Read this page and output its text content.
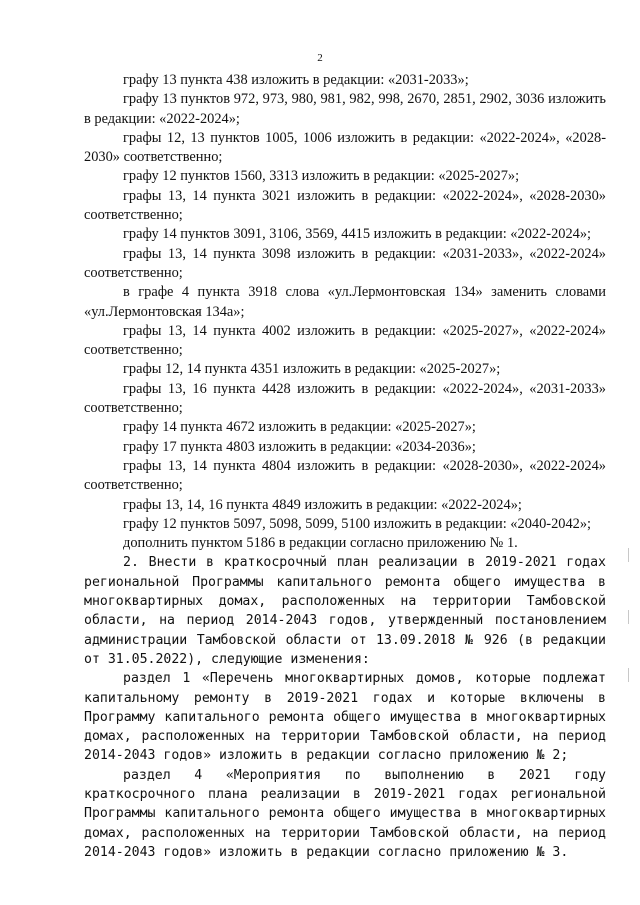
2

графу 13 пункта 438 изложить в редакции: «2031-2033»;

графу 13 пунктов 972, 973, 980, 981, 982, 998, 2670, 2851, 2902, 3036 изложить в редакции: «2022-2024»;

графы 12, 13 пунктов 1005, 1006 изложить в редакции: «2022-2024», «2028-2030» соответственно;

графу 12 пунктов 1560, 3313 изложить в редакции: «2025-2027»;

графы 13, 14 пункта 3021 изложить в редакции: «2022-2024», «2028-2030» соответственно;

графу 14 пунктов 3091, 3106, 3569, 4415 изложить в редакции: «2022-2024»;

графы 13, 14 пункта 3098 изложить в редакции: «2031-2033», «2022-2024» соответственно;

в графе 4 пункта 3918 слова «ул.Лермонтовская 134» заменить словами «ул.Лермонтовская 134а»;

графы 13, 14 пункта 4002 изложить в редакции: «2025-2027», «2022-2024» соответственно;

графы 12, 14 пункта 4351 изложить в редакции: «2025-2027»;

графы 13, 16 пункта 4428 изложить в редакции: «2022-2024», «2031-2033» соответственно;

графу 14 пункта 4672 изложить в редакции: «2025-2027»;

графу 17 пункта 4803 изложить в редакции: «2034-2036»;

графы 13, 14 пункта 4804 изложить в редакции: «2028-2030», «2022-2024» соответственно;

графы 13, 14, 16 пункта 4849 изложить в редакции: «2022-2024»;

графу 12 пунктов 5097, 5098, 5099, 5100 изложить в редакции: «2040-2042»;

дополнить пунктом 5186 в редакции согласно приложению № 1.

2. Внести в краткосрочный план реализации в 2019-2021 годах региональной Программы капитального ремонта общего имущества в многоквартирных домах, расположенных на территории Тамбовской области, на период 2014-2043 годов, утвержденный постановлением администрации Тамбовской области от 13.09.2018 № 926 (в редакции от 31.05.2022), следующие изменения:

раздел 1 «Перечень многоквартирных домов, которые подлежат капитальному ремонту в 2019-2021 годах и которые включены в Программу капитального ремонта общего имущества в многоквартирных домах, расположенных на территории Тамбовской области, на период 2014-2043 годов» изложить в редакции согласно приложению № 2;

раздел 4 «Мероприятия по выполнению в 2021 году краткосрочного плана реализации в 2019-2021 годах региональной Программы капитального ремонта общего имущества в многоквартирных домах, расположенных на территории Тамбовской области, на период 2014-2043 годов» изложить в редакции согласно приложению № 3.
